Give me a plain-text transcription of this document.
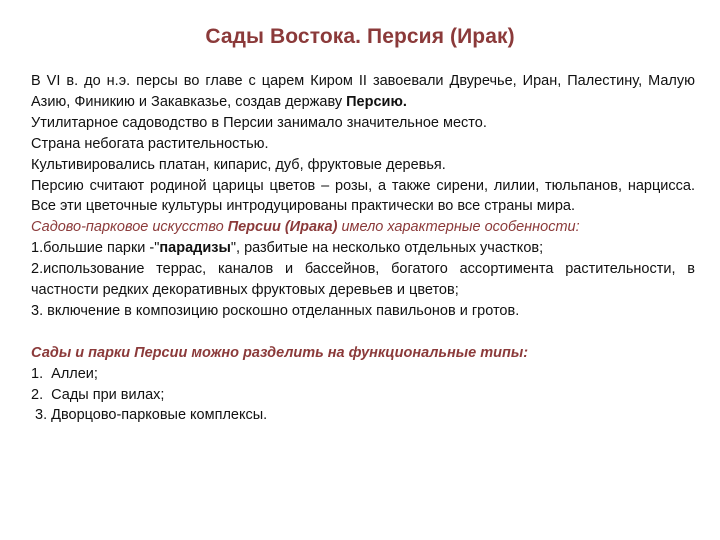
Сады Востока. Персия (Ирак)

В VI в. до н.э. персы во главе с царем Киром II завоевали Двуречье, Иран, Палестину, Малую Азию, Финикию и Закавказье, создав державу Персию.

Утилитарное садоводство в Персии занимало значительное место.

Страна небогата растительностью.

Культивировались платан, кипарис, дуб, фруктовые деревья.

Персию считают родиной царицы цветов – розы, а также сирени, лилии, тюльпанов, нарцисса. Все эти цветочные культуры интродуцированы практически во все страны мира.

Садово-парковое искусство Персии (Ирака) имело характерные особенности:

1.большие парки -"парадизы", разбитые на несколько отдельных участков;

2.использование террас, каналов и бассейнов, богатого ассортимента растительности, в частности редких декоративных фруктовых деревьев и цветов;

3. включение в композицию роскошно отделанных павильонов и гротов.

Сады и парки Персии можно разделить на функциональные типы:

1.  Аллеи;

2.  Сады при вилах;

3. Дворцово-парковые комплексы.
